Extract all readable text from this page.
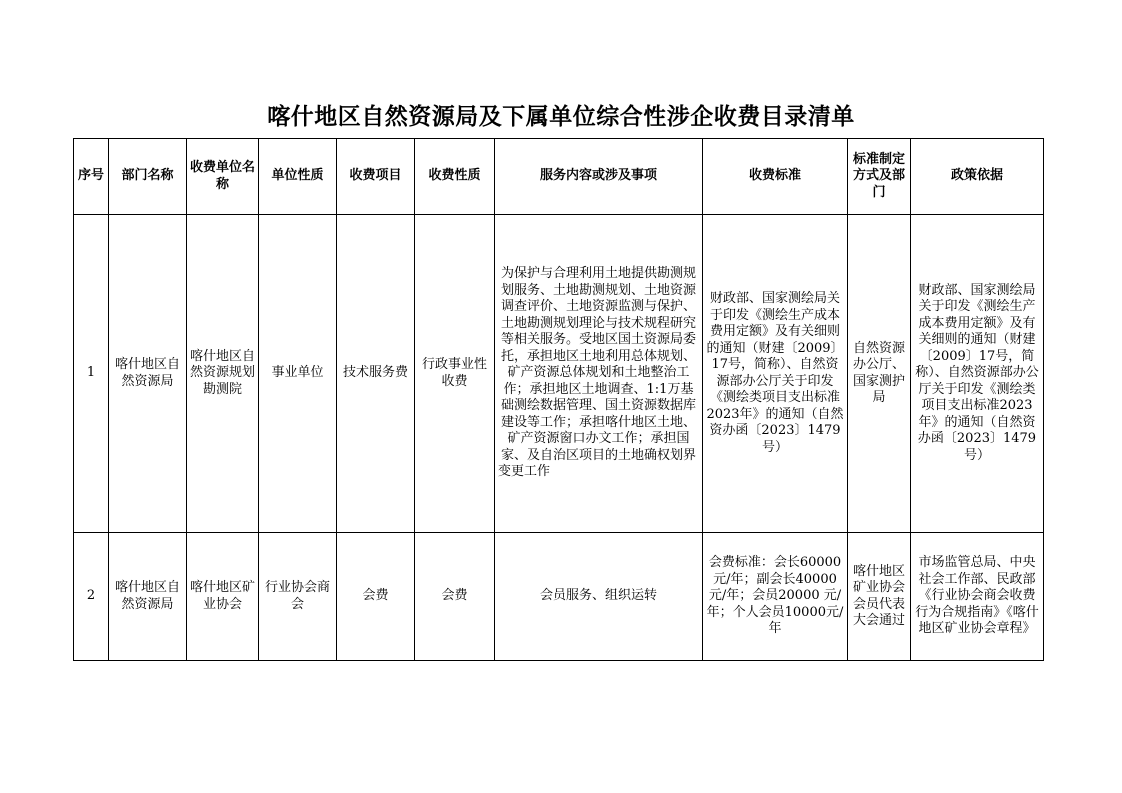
喀什地区自然资源局及下属单位综合性涉企收费目录清单
序号	部门名称	收费单位名称	单位性质	收费项目	收费性质	服务内容或涉及事项	收费标准	标准制定方式及部门	政策依据
1	喀什地区自然资源局	喀什地区自然资源规划勘测院	事业单位	技术服务费	行政事业性收费	为保护与合理利用土地提供勘测规划服务、土地勘测规划、土地资源调查评价、土地资源监测与保护、土地勘测规划理论与技术规程研究等相关服务。受地区国土资源局委托，承担地区土地利用总体规划、矿产资源总体规划和土地整治工作；承担地区土地调查、1:1万基础测绘数据管理、国土资源数据库建设等工作；承担喀什地区土地、矿产资源窗口办文工作；承担国家、及自治区项目的土地确权划界变更工作	财政部、国家测绘局关于印发《测绘生产成本费用定额》及有关细则的通知（财建〔2009〕17号，简称）、自然资源部办公厅关于印发《测绘类项目支出标准2023年》的通知（自然资办函〔2023〕1479号）	自然资源办公厅、国家测护局	财政部、国家测绘局关于印发《测绘生产成本费用定额》及有关细则的通知（财建〔2009〕17号，简称）、自然资源部办公厅关于印发《测绘类项目支出标准2023年》的通知（自然资办函〔2023〕1479号）
2	喀什地区自然资源局	喀什地区矿业协会	行业协会商会	会费	会费	会员服务、组织运转	会费标准：会长60000元/年；副会长40000元/年；会员20000 元/年；个人会员10000元/年	喀什地区矿业协会会员代表大会通过	市场监管总局、中央社会工作部、民政部《行业协会商会收费行为合规指南》《喀什地区矿业协会章程》
